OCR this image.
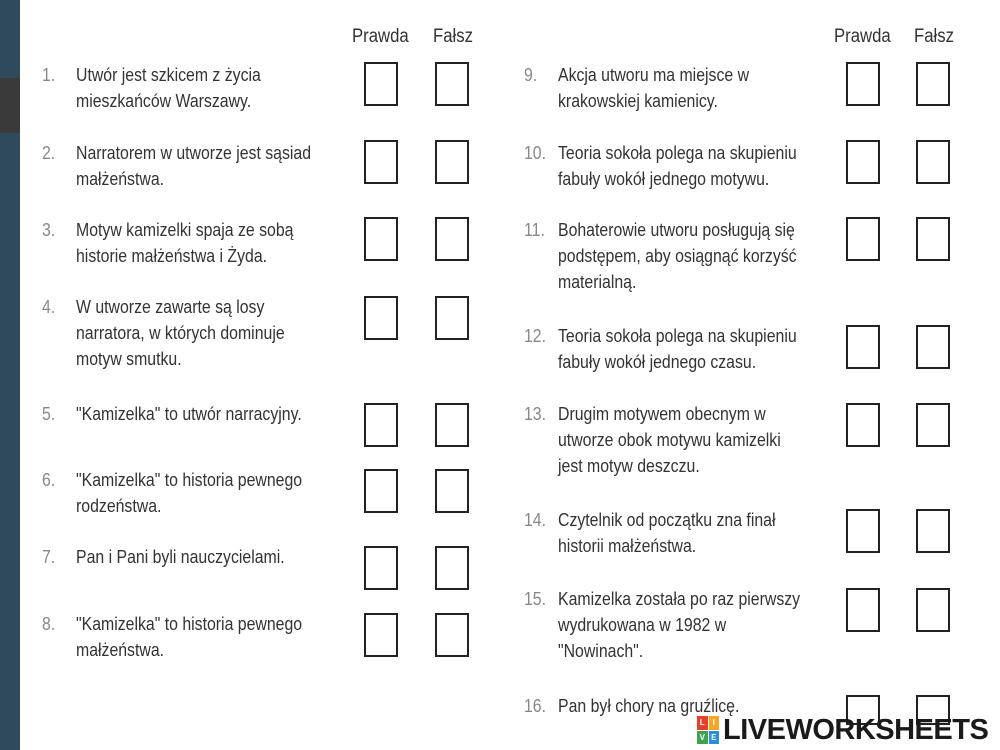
Prawda Fałsz	Prawda Fałsz
1. Utwór jest szkicem z życia
mieszkańców Warszawy.
2. Narratorem w utworze jest sąsiad
małżeństwa.
3. Motyw kamizelki spaja ze sobą
historie małżeństwa i Żyda.
4. W utworze zawarte są losy
narratora, w których dominuje
motyw smutku.
5. "Kamizelka" to utwór narracyjny.
6. "Kamizelka" to historia pewnego
rodzeństwa.
7. Pan i Pani byli nauczycielami.
8. "Kamizelka" to historia pewnego
małżeństwa.
9. Akcja utworu ma miejsce w
krakowskiej kamienicy.
10. Teoria sokoła polega na skupieniu
fabuły wokół jednego motywu.
11. Bohaterowie utworu posługują się
podstępem, aby osiągnąć korzyść
materialną.
12. Teoria sokoła polega na skupieniu
fabuły wokół jednego czasu.
13. Drugim motywem obecnym w
utworze obok motywu kamizelki
jest motyw deszczu.
14. Czytelnik od początku zna finał
historii małżeństwa.
15. Kamizelka została po raz pierwszy
wydrukowana w 1982 w
"Nowinach".
16. Pan był chory na gruźlicę.
L I
V E LIVEWORKSHEETS
